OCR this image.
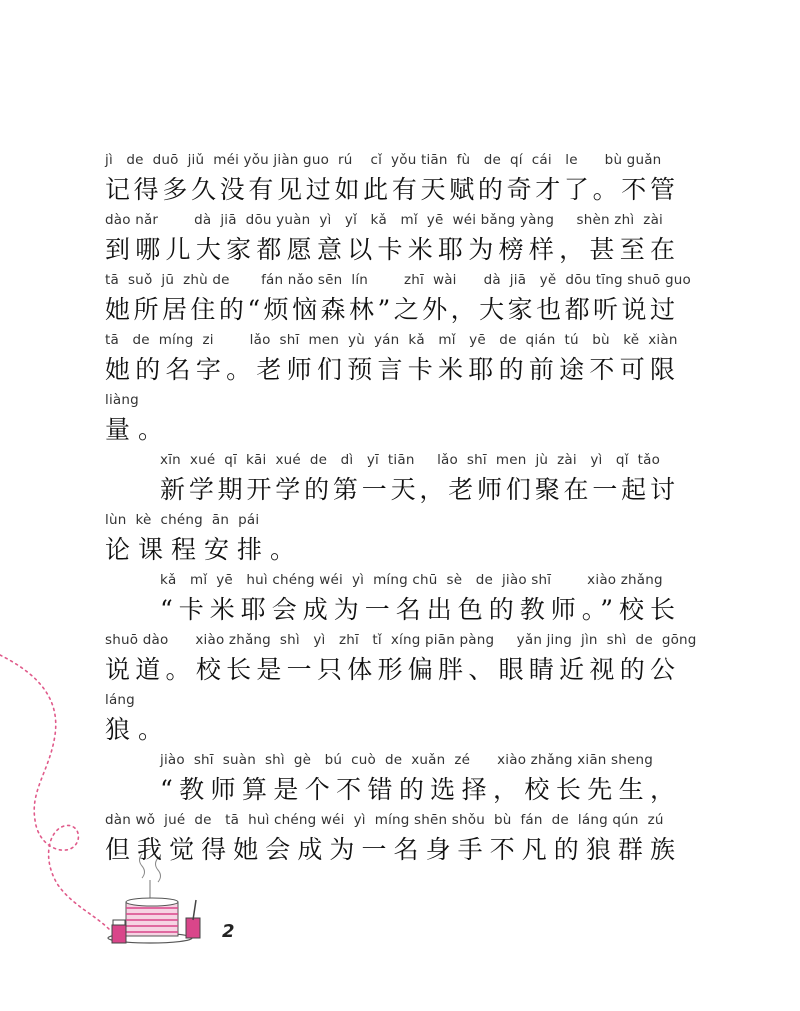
jì   de  duō  jiǔ  méi yǒu jiàn guo  rú    cǐ  yǒu tiān  fù   de  qí  cái   le      bù guǎn
记得多久没有见过如此有天赋的奇才了。不管
dào nǎr        dà  jiā  dōu yuàn  yì   yǐ   kǎ   mǐ  yē  wéi bǎng yàng     shèn zhì  zài
到哪儿大家都愿意以卡米耶为榜样，甚至在
tā  suǒ  jū  zhù de       fán nǎo sēn  lín        zhī  wài      dà  jiā   yě  dōu tīng shuō guo
她所居住的“烦恼森林”之外，大家也都听说过
tā   de  míng  zi        lǎo  shī  men  yù  yán  kǎ   mǐ   yē   de  qián  tú   bù   kě  xiàn
她的名字。老师们预言卡米耶的前途不可限
liàng
量。
xīn  xué  qī  kāi  xué  de   dì   yī  tiān     lǎo  shī  men  jù  zài   yì   qǐ  tǎo
新学期开学的第一天，老师们聚在一起讨
lùn  kè  chéng  ān  pái
论课程安排。
kǎ   mǐ  yē   huì chéng wéi  yì  míng chū  sè   de  jiào shī        xiào zhǎng
“卡米耶会成为一名出色的教师。”校长
shuō dào      xiào zhǎng  shì   yì   zhī   tǐ  xíng piān pàng     yǎn jing  jìn  shì  de  gōng
说道。校长是一只体形偏胖、眼睛近视的公
láng
狼。
jiào  shī  suàn  shì  gè   bú  cuò  de  xuǎn  zé      xiào zhǎng xiān sheng
“教师算是个不错的选择，校长先生，
dàn wǒ  jué  de   tā  huì chéng wéi  yì  míng shēn shǒu  bù  fán  de  láng qún  zú
但我觉得她会成为一名身手不凡的狼群族
2
